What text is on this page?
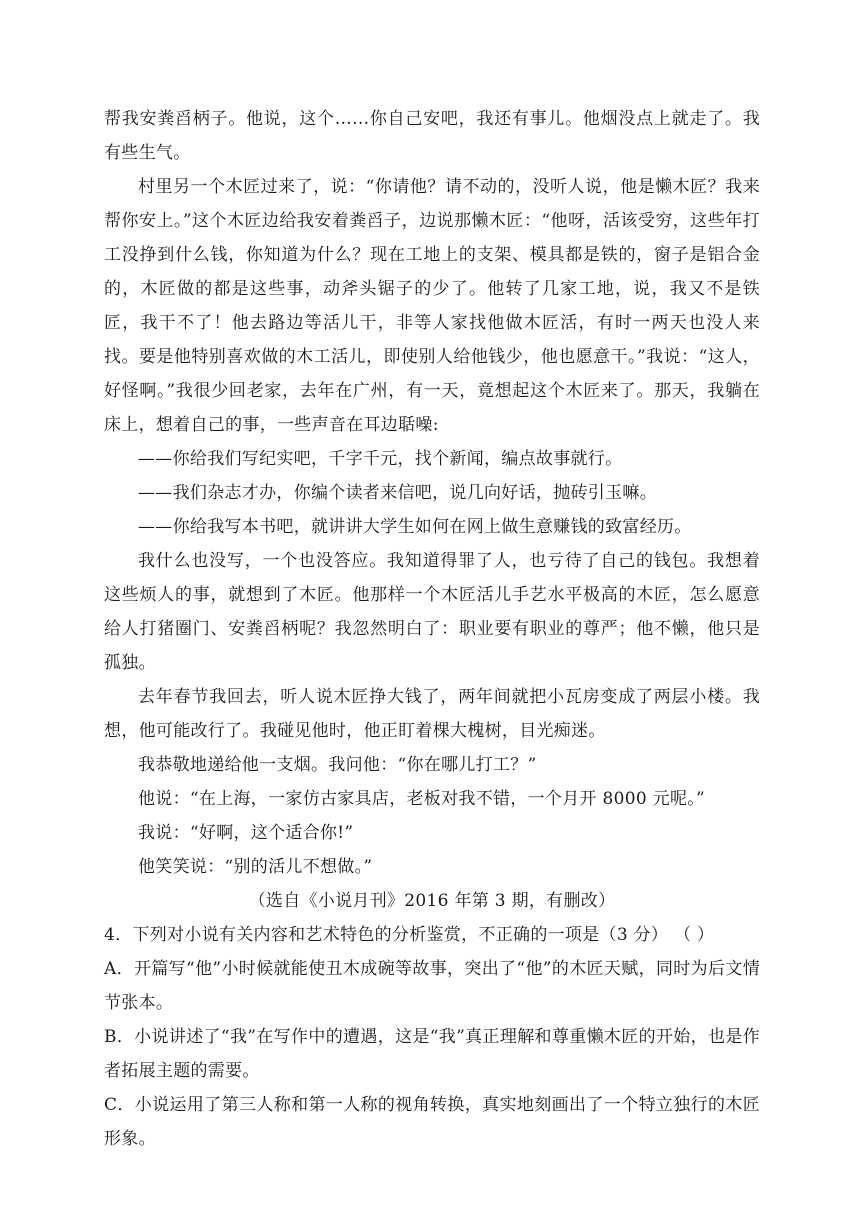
帮我安粪舀柄子。他说，这个……你自己安吧，我还有事儿。他烟没点上就走了。我有些生气。

村里另一个木匠过来了，说：“你请他？请不动的，没听人说，他是懒木匠？我来帮你安上。”这个木匠边给我安着粪舀子，边说那懒木匠：“他呀，活该受穷，这些年打工没挣到什么钱，你知道为什么？现在工地上的支架、模具都是铁的，窗子是铝合金的，木匠做的都是这些事，动斧头锯子的少了。他转了几家工地，说，我又不是铁匠，我干不了！他去路边等活儿干，非等人家找他做木匠活，有时一两天也没人来找。要是他特别喜欢做的木工活儿，即使别人给他钱少，他也愿意干。”我说：“这人，好怪啊。”我很少回老家，去年在广州，有一天，竟想起这个木匠来了。那天，我躺在床上，想着自己的事，一些声音在耳边聒噪:

——你给我们写纪实吧，千字千元，找个新闻，编点故事就行。

——我们杂志才办，你编个读者来信吧，说几向好话，抛砖引玉嘛。

——你给我写本书吧，就讲讲大学生如何在网上做生意赚钱的致富经历。

我什么也没写，一个也没答应。我知道得罪了人，也亏待了自己的钱包。我想着这些烦人的事，就想到了木匠。他那样一个木匠活儿手艺水平极高的木匠，怎么愿意给人打猪圈门、安粪舀柄呢？我忽然明白了：职业要有职业的尊严；他不懒，他只是孤独。

去年春节我回去，听人说木匠挣大钱了，两年间就把小瓦房变成了两层小楼。我想，他可能改行了。我碰见他时，他正盯着棵大槐树，目光痴迷。

我恭敬地递给他一支烟。我问他：“你在哪儿打工？”

他说：“在上海，一家仿古家具店，老板对我不错，一个月开 8000 元呢。”

我说：“好啊，这个适合你!”

他笑笑说：“别的活儿不想做。”

（选自《小说月刊》2016 年第 3 期，有删改）

4．下列对小说有关内容和艺术特色的分析鉴赏，不正确的一项是（3 分） （ ）

A．开篇写“他”小时候就能使丑木成碗等故事，突出了“他”的木匠天赋，同时为后文情节张本。

B．小说讲述了“我”在写作中的遭遇，这是“我”真正理解和尊重懒木匠的开始，也是作者拓展主题的需要。

C．小说运用了第三人称和第一人称的视角转换，真实地刻画出了一个特立独行的木匠形象。
